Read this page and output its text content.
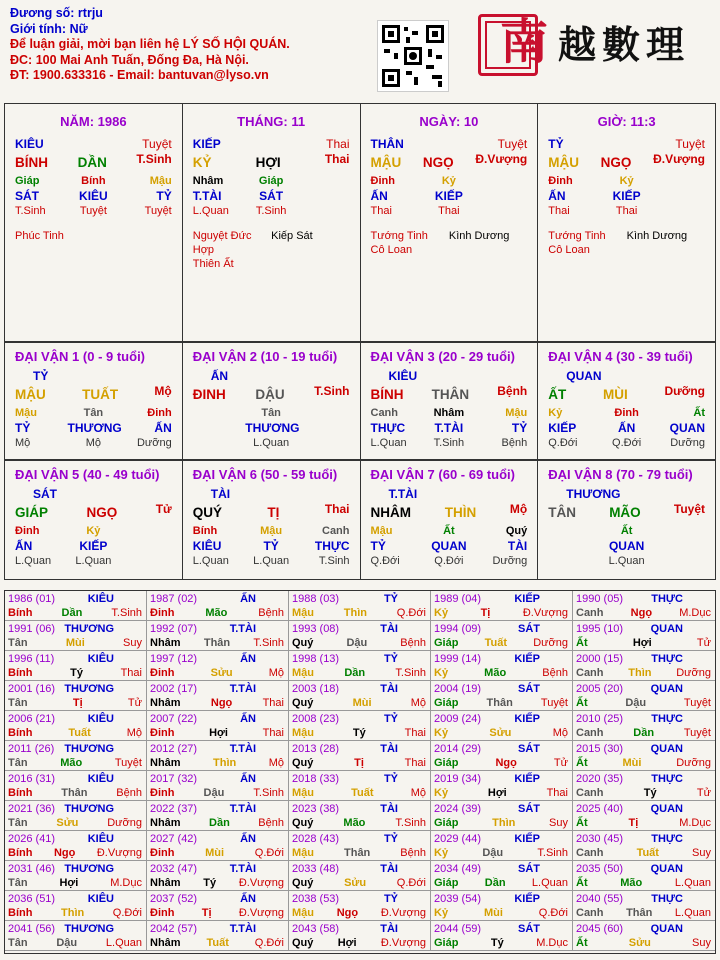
Đương số: rtrju
Giới tính: Nữ
Để luận giải, mời bạn liên hệ LÝ SỐ HỘI QUÁN.
ĐC: 100 Mai Anh Tuấn, Đống Đa, Hà Nội.
ĐT: 1900.633316 - Email: bantuvan@lyso.vn
南 越數理
NĂM: 1986
KIÊU	Tuyệt
BÍNH DẦN T.Sinh
Giáp	Bính	Mậu
SÁT	KIÊU	TỶ
T.Sinh	Tuyệt	Tuyệt
Phúc Tinh
THÁNG: 11
KIẾP	Thai
KỶ	HỢI	Thai
Nhâm	Giáp
T.TÀI	SÁT
L.Quan	T.Sinh
Nguyệt Đức Hợp
Thiên Ất
Kiếp Sát
NGÀY: 10
THÂN	Tuyệt
MẬU NGỌ Đ.Vượng
Đinh	Kỷ
ẤN	KIẾP
Thai	Thai
Tướng Tinh
Cô Loan
Kình Dương
GIỜ: 11:3
TỶ	Tuyệt
MẬU NGỌ Đ.Vượng
Đinh	Kỷ
ẤN	KIẾP
Thai	Thai
Tướng Tinh
Cô Loan
Kình Dương
ĐẠI VẬN 1 (0 - 9 tuổi)
TỶ
MẬU	TUẤT	Mộ
Mậu	Tân	Đinh
TỶ	THƯƠNG	ẤN
Mộ	Mộ	Dưỡng
ĐẠI VẬN 2 (10 - 19 tuổi)
ẤN
ĐINH DẬU T.Sinh
Tân
THƯƠNG
L.Quan
ĐẠI VẬN 3 (20 - 29 tuổi)
KIÊU
BÍNH THÂN Bệnh
Canh	Nhâm	Mậu
THỰC	T.TÀI	TỶ
L.Quan	T.Sinh	Bệnh
ĐẠI VẬN 4 (30 - 39 tuổi)
QUAN
ẤT	MÙI	Dưỡng
Kỷ	Đinh	Ất
KIẾP	ẤN	QUAN
Q.Đới	Q.Đới	Dưỡng
ĐẠI VẬN 5 (40 - 49 tuổi)
SÁT
GIÁP	NGỌ	Tử
Đinh	Kỷ
ẤN	KIẾP
L.Quan	L.Quan
ĐẠI VẬN 6 (50 - 59 tuổi)
TÀI
QUÝ	TỊ	Thai
Bính	Mậu	Canh
KIÊU	TỶ	THỰC
L.Quan	L.Quan	T.Sinh
ĐẠI VẬN 7 (60 - 69 tuổi)
T.TÀI
NHÂM THÌN	Mộ
Mậu	Ất	Quý
TỶ	QUAN	TÀI
Q.Đới	Q.Đới	Dưỡng
ĐẠI VẬN 8 (70 - 79 tuổi)
THƯƠNG
TÂN MÃO	Tuyệt
Ất
QUAN
L.Quan
1986 (01)	KIÊU
Bính	Dần	T.Sinh
1987 (02)	ẤN
Đinh	Mão	Bệnh
1988 (03)	TỶ
Mậu	Thìn	Q.Đới
1989 (04)	KIẾP
Kỷ	Tị	Đ.Vượng
1990 (05)	THỰC
Canh Ngọ M.Dục
1991 (06) THƯƠNG
Tân	Mùi	Suy
1992 (07)	T.TÀI
Nhâm Thân T.Sinh
1993 (08)	TÀI
Quý	Dậu	Bệnh
1994 (09)	SÁT
Giáp Tuất Dưỡng
1995 (10)	QUAN
Ất	Hợi	Tử
1996 (11)	KIÊU
Bính	Tý	Thai
1997 (12)	ẤN
Đinh	Sửu	Mộ
1998 (13)	TỶ
Mậu	Dần	T.Sinh
1999 (14)	KIẾP
Kỷ	Mão	Bệnh
2000 (15)	THỰC
Canh Thìn Dưỡng
2001 (16) THƯƠNG
Tân	Tị	Tử
2002 (17)	T.TÀI
Nhâm	Ngọ	Thai
2003 (18)	TÀI
Quý	Mùi	Mộ
2004 (19)	SÁT
Giáp	Thân	Tuyệt
2005 (20)	QUAN
Ất	Dậu	Tuyệt
2006 (21)	KIÊU
Bính	Tuất	Mộ
2007 (22)	ẤN
Đinh	Hợi	Thai
2008 (23)	TỶ
Mậu	Tý	Thai
2009 (24)	KIẾP
Kỷ	Sửu	Mộ
2010 (25)	THỰC
Canh	Dần	Tuyệt
2011 (26) THƯƠNG
Tân	Mão	Tuyệt
2012 (27)	T.TÀI
Nhâm	Thìn	Mộ
2013 (28)	TÀI
Quý	Tị	Thai
2014 (29)	SÁT
Giáp	Ngọ	Tử
2015 (30)	QUAN
Ất	Mùi	Dưỡng
2016 (31)	KIÊU
Bính	Thân	Bệnh
2017 (32)	ẤN
Đinh	Dậu	T.Sinh
2018 (33)	TỶ
Mậu	Tuất	Mộ
2019 (34)	KIẾP
Kỷ	Hợi	Thai
2020 (35)	THỰC
Canh	Tý	Tử
2021 (36) THƯƠNG
Tân	Sửu	Dưỡng
2022 (37)	T.TÀI
Nhâm	Dần	Bệnh
2023 (38)	TÀI
Quý	Mão	T.Sinh
2024 (39)	SÁT
Giáp	Thìn	Suy
2025 (40)	QUAN
Ất	Tị	M.Dục
2026 (41)	KIÊU
Bính Ngọ Đ.Vượng
2027 (42)	ẤN
Đinh	Mùi	Q.Đới
2028 (43)	TỶ
Mậu	Thân	Bệnh
2029 (44)	KIẾP
Kỷ	Dậu	T.Sinh
2030 (45)	THỰC
Canh	Tuất	Suy
2031 (46) THƯƠNG
Tân	Hợi	M.Dục
2032 (47)	T.TÀI
Nhâm Tý Đ.Vượng
2033 (48)	TÀI
Quý	Sửu	Q.Đới
2034 (49)	SÁT
Giáp Dần L.Quan
2035 (50)	QUAN
Ất	Mão	L.Quan
2036 (51)	KIÊU
Bính	Thìn	Q.Đới
2037 (52)	ẤN
Đinh Tị Đ.Vượng
2038 (53)	TỶ
Mậu Ngọ Đ.Vượng
2039 (54)	KIẾP
Kỷ	Mùi	Q.Đới
2040 (55)	THỰC
Canh Thân L.Quan
2041 (56) THƯƠNG
Tân	Dậu	L.Quan
2042 (57)	T.TÀI
Nhâm Tuất Q.Đới
2043 (58)	TÀI
Quý Hợi Đ.Vượng
2044 (59)	SÁT
Giáp	Tý	M.Dục
2045 (60)	QUAN
Ất	Sửu	Suy
